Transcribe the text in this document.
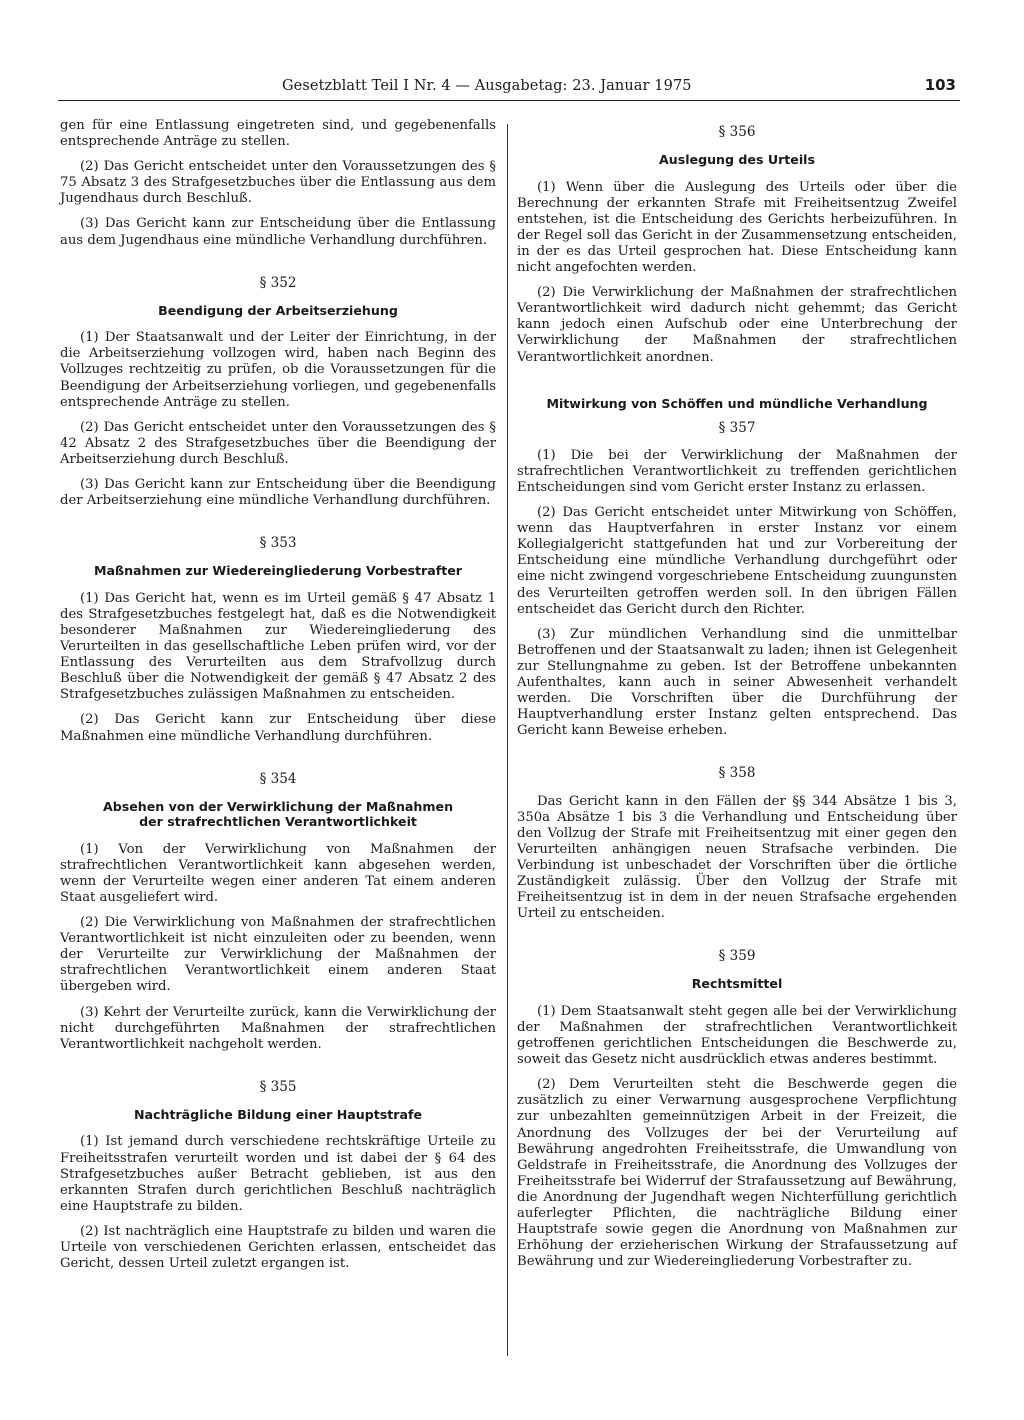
Gesetzblatt Teil I Nr. 4 — Ausgabetag: 23. Januar 1975	103

gen für eine Entlassung eingetreten sind, und gegebenenfalls entsprechende Anträge zu stellen.

(2) Das Gericht entscheidet unter den Voraussetzungen des § 75 Absatz 3 des Strafgesetzbuches über die Entlassung aus dem Jugendhaus durch Beschluß.

(3) Das Gericht kann zur Entscheidung über die Entlassung aus dem Jugendhaus eine mündliche Verhandlung durchführen.

§ 352
Beendigung der Arbeitserziehung

(1) Der Staatsanwalt und der Leiter der Einrichtung, in der die Arbeitserziehung vollzogen wird, haben nach Beginn des Vollzuges rechtzeitig zu prüfen, ob die Voraussetzungen für die Beendigung der Arbeitserziehung vorliegen, und gegebenenfalls entsprechende Anträge zu stellen.

(2) Das Gericht entscheidet unter den Voraussetzungen des § 42 Absatz 2 des Strafgesetzbuches über die Beendigung der Arbeitserziehung durch Beschluß.

(3) Das Gericht kann zur Entscheidung über die Beendigung der Arbeitserziehung eine mündliche Verhandlung durchführen.

§ 353
Maßnahmen zur Wiedereingliederung Vorbestrafter

(1) Das Gericht hat, wenn es im Urteil gemäß § 47 Absatz 1 des Strafgesetzbuches festgelegt hat, daß es die Notwendigkeit besonderer Maßnahmen zur Wiedereingliederung des Verurteilten in das gesellschaftliche Leben prüfen wird, vor der Entlassung des Verurteilten aus dem Strafvollzug durch Beschluß über die Notwendigkeit der gemäß § 47 Absatz 2 des Strafgesetzbuches zulässigen Maßnahmen zu entscheiden.

(2) Das Gericht kann zur Entscheidung über diese Maßnahmen eine mündliche Verhandlung durchführen.

§ 354
Absehen von der Verwirklichung der Maßnahmen
der strafrechtlichen Verantwortlichkeit

(1) Von der Verwirklichung von Maßnahmen der strafrechtlichen Verantwortlichkeit kann abgesehen werden, wenn der Verurteilte wegen einer anderen Tat einem anderen Staat ausgeliefert wird.

(2) Die Verwirklichung von Maßnahmen der strafrechtlichen Verantwortlichkeit ist nicht einzuleiten oder zu beenden, wenn der Verurteilte zur Verwirklichung der Maßnahmen der strafrechtlichen Verantwortlichkeit einem anderen Staat übergeben wird.

(3) Kehrt der Verurteilte zurück, kann die Verwirklichung der nicht durchgeführten Maßnahmen der strafrechtlichen Verantwortlichkeit nachgeholt werden.

§ 355
Nachträgliche Bildung einer Hauptstrafe

(1) Ist jemand durch verschiedene rechtskräftige Urteile zu Freiheitsstrafen verurteilt worden und ist dabei der § 64 des Strafgesetzbuches außer Betracht geblieben, ist aus den erkannten Strafen durch gerichtlichen Beschluß nachträglich eine Hauptstrafe zu bilden.

(2) Ist nachträglich eine Hauptstrafe zu bilden und waren die Urteile von verschiedenen Gerichten erlassen, entscheidet das Gericht, dessen Urteil zuletzt ergangen ist.

§ 356
Auslegung des Urteils

(1) Wenn über die Auslegung des Urteils oder über die Berechnung der erkannten Strafe mit Freiheitsentzug Zweifel entstehen, ist die Entscheidung des Gerichts herbeizuführen. In der Regel soll das Gericht in der Zusammensetzung entscheiden, in der es das Urteil gesprochen hat. Diese Entscheidung kann nicht angefochten werden.

(2) Die Verwirklichung der Maßnahmen der strafrechtlichen Verantwortlichkeit wird dadurch nicht gehemmt; das Gericht kann jedoch einen Aufschub oder eine Unterbrechung der Verwirklichung der Maßnahmen der strafrechtlichen Verantwortlichkeit anordnen.

Mitwirkung von Schöffen und mündliche Verhandlung
§ 357

(1) Die bei der Verwirklichung der Maßnahmen der strafrechtlichen Verantwortlichkeit zu treffenden gerichtlichen Entscheidungen sind vom Gericht erster Instanz zu erlassen.

(2) Das Gericht entscheidet unter Mitwirkung von Schöffen, wenn das Hauptverfahren in erster Instanz vor einem Kollegialgericht stattgefunden hat und zur Vorbereitung der Entscheidung eine mündliche Verhandlung durchgeführt oder eine nicht zwingend vorgeschriebene Entscheidung zuungunsten des Verurteilten getroffen werden soll. In den übrigen Fällen entscheidet das Gericht durch den Richter.

(3) Zur mündlichen Verhandlung sind die unmittelbar Betroffenen und der Staatsanwalt zu laden; ihnen ist Gelegenheit zur Stellungnahme zu geben. Ist der Betroffene unbekannten Aufenthaltes, kann auch in seiner Abwesenheit verhandelt werden. Die Vorschriften über die Durchführung der Hauptverhandlung erster Instanz gelten entsprechend. Das Gericht kann Beweise erheben.

§ 358

Das Gericht kann in den Fällen der §§ 344 Absätze 1 bis 3, 350a Absätze 1 bis 3 die Verhandlung und Entscheidung über den Vollzug der Strafe mit Freiheitsentzug mit einer gegen den Verurteilten anhängigen neuen Strafsache verbinden. Die Verbindung ist unbeschadet der Vorschriften über die örtliche Zuständigkeit zulässig. Über den Vollzug der Strafe mit Freiheitsentzug ist in dem in der neuen Strafsache ergehenden Urteil zu entscheiden.

§ 359
Rechtsmittel

(1) Dem Staatsanwalt steht gegen alle bei der Verwirklichung der Maßnahmen der strafrechtlichen Verantwortlichkeit getroffenen gerichtlichen Entscheidungen die Beschwerde zu, soweit das Gesetz nicht ausdrücklich etwas anderes bestimmt.

(2) Dem Verurteilten steht die Beschwerde gegen die zusätzlich zu einer Verwarnung ausgesprochene Verpflichtung zur unbezahlten gemeinnützigen Arbeit in der Freizeit, die Anordnung des Vollzuges der bei der Verurteilung auf Bewährung angedrohten Freiheitsstrafe, die Umwandlung von Geldstrafe in Freiheitsstrafe, die Anordnung des Vollzuges der Freiheitsstrafe bei Widerruf der Strafaussetzung auf Bewährung, die Anordnung der Jugendhaft wegen Nichterfüllung gerichtlich auferlegter Pflichten, die nachträgliche Bildung einer Hauptstrafe sowie gegen die Anordnung von Maßnahmen zur Erhöhung der erzieherischen Wirkung der Strafaussetzung auf Bewährung und zur Wiedereingliederung Vorbestrafter zu.
